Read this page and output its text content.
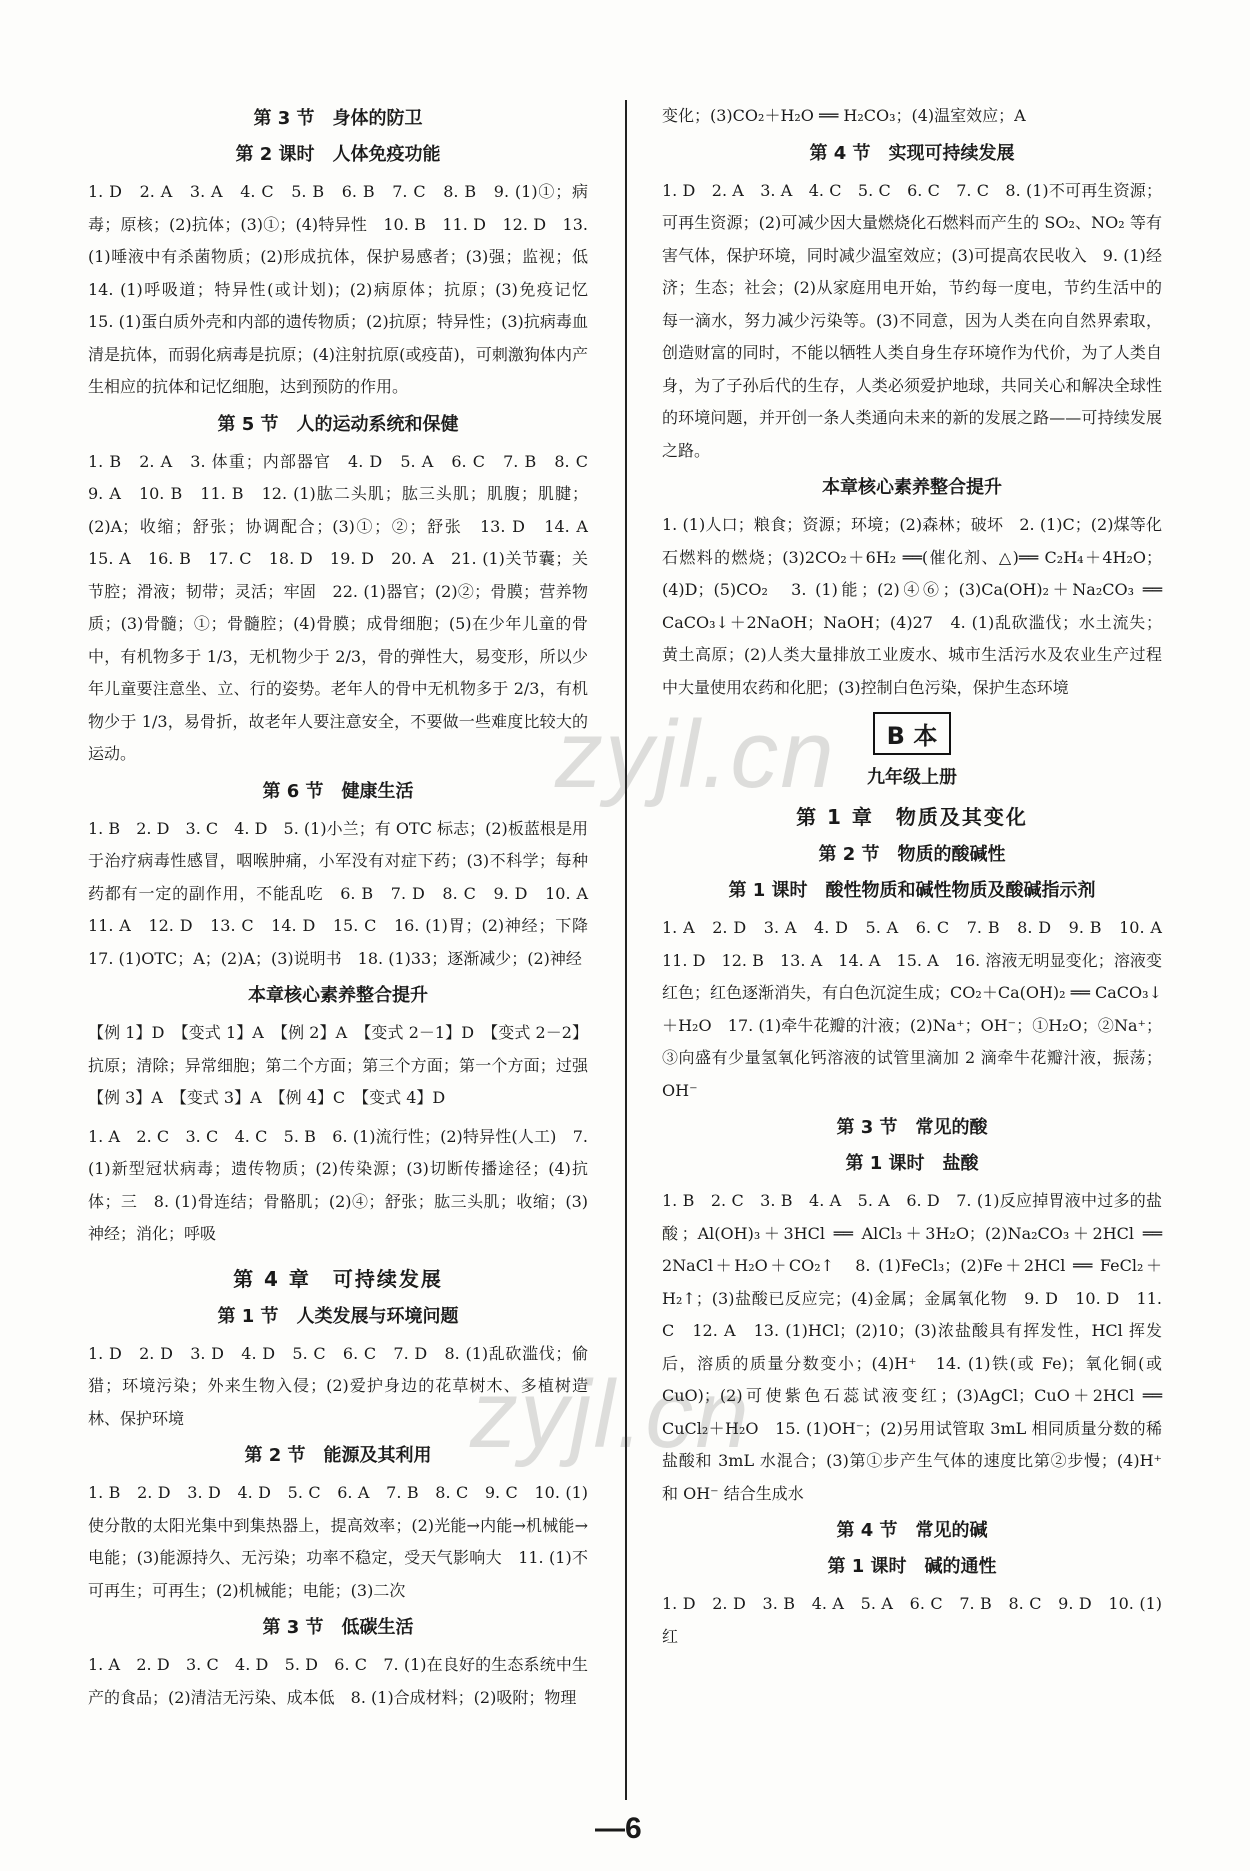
第 3 节　身体的防卫
第 2 课时　人体免疫功能
1. D　2. A　3. A　4. C　5. B　6. B　7. C　8. B　9. (1)①；病毒；原核；(2)抗体；(3)①；(4)特异性　10. B　11. D　12. D　13. (1)唾液中有杀菌物质；(2)形成抗体，保护易感者；(3)强；监视；低　14. (1)呼吸道；特异性(或计划)；(2)病原体；抗原；(3)免疫记忆　15. (1)蛋白质外壳和内部的遗传物质；(2)抗原；特异性；(3)抗病毒血清是抗体，而弱化病毒是抗原；(4)注射抗原(或疫苗)，可刺激狗体内产生相应的抗体和记忆细胞，达到预防的作用。
第 5 节　人的运动系统和保健
1. B　2. A　3. 体重；内部器官　4. D　5. A　6. C　7. B　8. C　9. A　10. B　11. B　12. (1)肱二头肌；肱三头肌；肌腹；肌腱；(2)A；收缩；舒张；协调配合；(3)①；②；舒张　13. D　14. A　15. A　16. B　17. C　18. D　19. D　20. A　21. (1)关节囊；关节腔；滑液；韧带；灵活；牢固　22. (1)器官；(2)②；骨膜；营养物质；(3)骨髓；①；骨髓腔；(4)骨膜；成骨细胞；(5)在少年儿童的骨中，有机物多于 1/3，无机物少于 2/3，骨的弹性大，易变形，所以少年儿童要注意坐、立、行的姿势。老年人的骨中无机物多于 2/3，有机物少于 1/3，易骨折，故老年人要注意安全，不要做一些难度比较大的运动。
第 6 节　健康生活
1. B　2. D　3. C　4. D　5. (1)小兰；有 OTC 标志；(2)板蓝根是用于治疗病毒性感冒，咽喉肿痛，小军没有对症下药；(3)不科学；每种药都有一定的副作用，不能乱吃　6. B　7. D　8. C　9. D　10. A　11. A　12. D　13. C　14. D　15. C　16. (1)胃；(2)神经；下降　17. (1)OTC；A；(2)A；(3)说明书　18. (1)33；逐渐减少；(2)神经
本章核心素养整合提升
【例 1】D　【变式 1】A　【例 2】A　【变式 2－1】D　【变式 2－2】抗原；清除；异常细胞；第二个方面；第三个方面；第一个方面；过强　【例 3】A　【变式 3】A　【例 4】C　【变式 4】D
1. A　2. C　3. C　4. C　5. B　6. (1)流行性；(2)特异性(人工)　7. (1)新型冠状病毒；遗传物质；(2)传染源；(3)切断传播途径；(4)抗体；三　8. (1)骨连结；骨骼肌；(2)④；舒张；肱三头肌；收缩；(3)神经；消化；呼吸
第 4 章　可持续发展
第 1 节　人类发展与环境问题
1. D　2. D　3. D　4. D　5. C　6. C　7. D　8. (1)乱砍滥伐；偷猎；环境污染；外来生物入侵；(2)爱护身边的花草树木、多植树造林、保护环境
第 2 节　能源及其利用
1. B　2. D　3. D　4. D　5. C　6. A　7. B　8. C　9. C　10. (1)使分散的太阳光集中到集热器上，提高效率；(2)光能→内能→机械能→电能；(3)能源持久、无污染；功率不稳定，受天气影响大　11. (1)不可再生；可再生；(2)机械能；电能；(3)二次
第 3 节　低碳生活
1. A　2. D　3. C　4. D　5. D　6. C　7. (1)在良好的生态系统中生产的食品；(2)清洁无污染、成本低　8. (1)合成材料；(2)吸附；物理
变化；(3)CO₂＋H₂O ══ H₂CO₃；(4)温室效应；A
第 4 节　实现可持续发展
1. D　2. A　3. A　4. C　5. C　6. C　7. C　8. (1)不可再生资源；可再生资源；(2)可减少因大量燃烧化石燃料而产生的 SO₂、NO₂ 等有害气体，保护环境，同时减少温室效应；(3)可提高农民收入　9. (1)经济；生态；社会；(2)从家庭用电开始，节约每一度电，节约生活中的每一滴水，努力减少污染等。(3)不同意，因为人类在向自然界索取，创造财富的同时，不能以牺牲人类自身生存环境作为代价，为了人类自身，为了子孙后代的生存，人类必须爱护地球，共同关心和解决全球性的环境问题，并开创一条人类通向未来的新的发展之路——可持续发展之路。
本章核心素养整合提升
1. (1)人口；粮食；资源；环境；(2)森林；破坏　2. (1)C；(2)煤等化石燃料的燃烧；(3)2CO₂＋6H₂ ══(催化剂、△)══ C₂H₄＋4H₂O；(4)D；(5)CO₂　3. (1)能；(2)④⑥；(3)Ca(OH)₂＋Na₂CO₃ ══ CaCO₃↓＋2NaOH；NaOH；(4)27　4. (1)乱砍滥伐；水土流失；黄土高原；(2)人类大量排放工业废水、城市生活污水及农业生产过程中大量使用农药和化肥；(3)控制白色污染，保护生态环境
B 本
九年级上册
第 1 章　物质及其变化
第 2 节　物质的酸碱性
第 1 课时　酸性物质和碱性物质及酸碱指示剂
1. A　2. D　3. A　4. D　5. A　6. C　7. B　8. D　9. B　10. A　11. D　12. B　13. A　14. A　15. A　16. 溶液无明显变化；溶液变红色；红色逐渐消失，有白色沉淀生成；CO₂＋Ca(OH)₂ ══ CaCO₃↓＋H₂O　17. (1)牵牛花瓣的汁液；(2)Na⁺；OH⁻；①H₂O；②Na⁺；③向盛有少量氢氧化钙溶液的试管里滴加 2 滴牵牛花瓣汁液，振荡；OH⁻
第 3 节　常见的酸
第 1 课时　盐酸
1. B　2. C　3. B　4. A　5. A　6. D　7. (1)反应掉胃液中过多的盐酸；Al(OH)₃＋3HCl ══ AlCl₃＋3H₂O；(2)Na₂CO₃＋2HCl ══ 2NaCl＋H₂O＋CO₂↑　8. (1)FeCl₃；(2)Fe＋2HCl ══ FeCl₂＋H₂↑；(3)盐酸已反应完；(4)金属；金属氧化物　9. D　10. D　11. C　12. A　13. (1)HCl；(2)10；(3)浓盐酸具有挥发性，HCl 挥发后，溶质的质量分数变小；(4)H⁺　14. (1)铁(或 Fe)；氧化铜(或 CuO)；(2)可使紫色石蕊试液变红；(3)AgCl；CuO＋2HCl ══ CuCl₂＋H₂O　15. (1)OH⁻；(2)另用试管取 3mL 相同质量分数的稀盐酸和 3mL 水混合；(3)第①步产生气体的速度比第②步慢；(4)H⁺ 和 OH⁻ 结合生成水
第 4 节　常见的碱
第 1 课时　碱的通性
1. D　2. D　3. B　4. A　5. A　6. C　7. B　8. C　9. D　10. (1)红
zyjl.cn
zyjl.cn
—6
